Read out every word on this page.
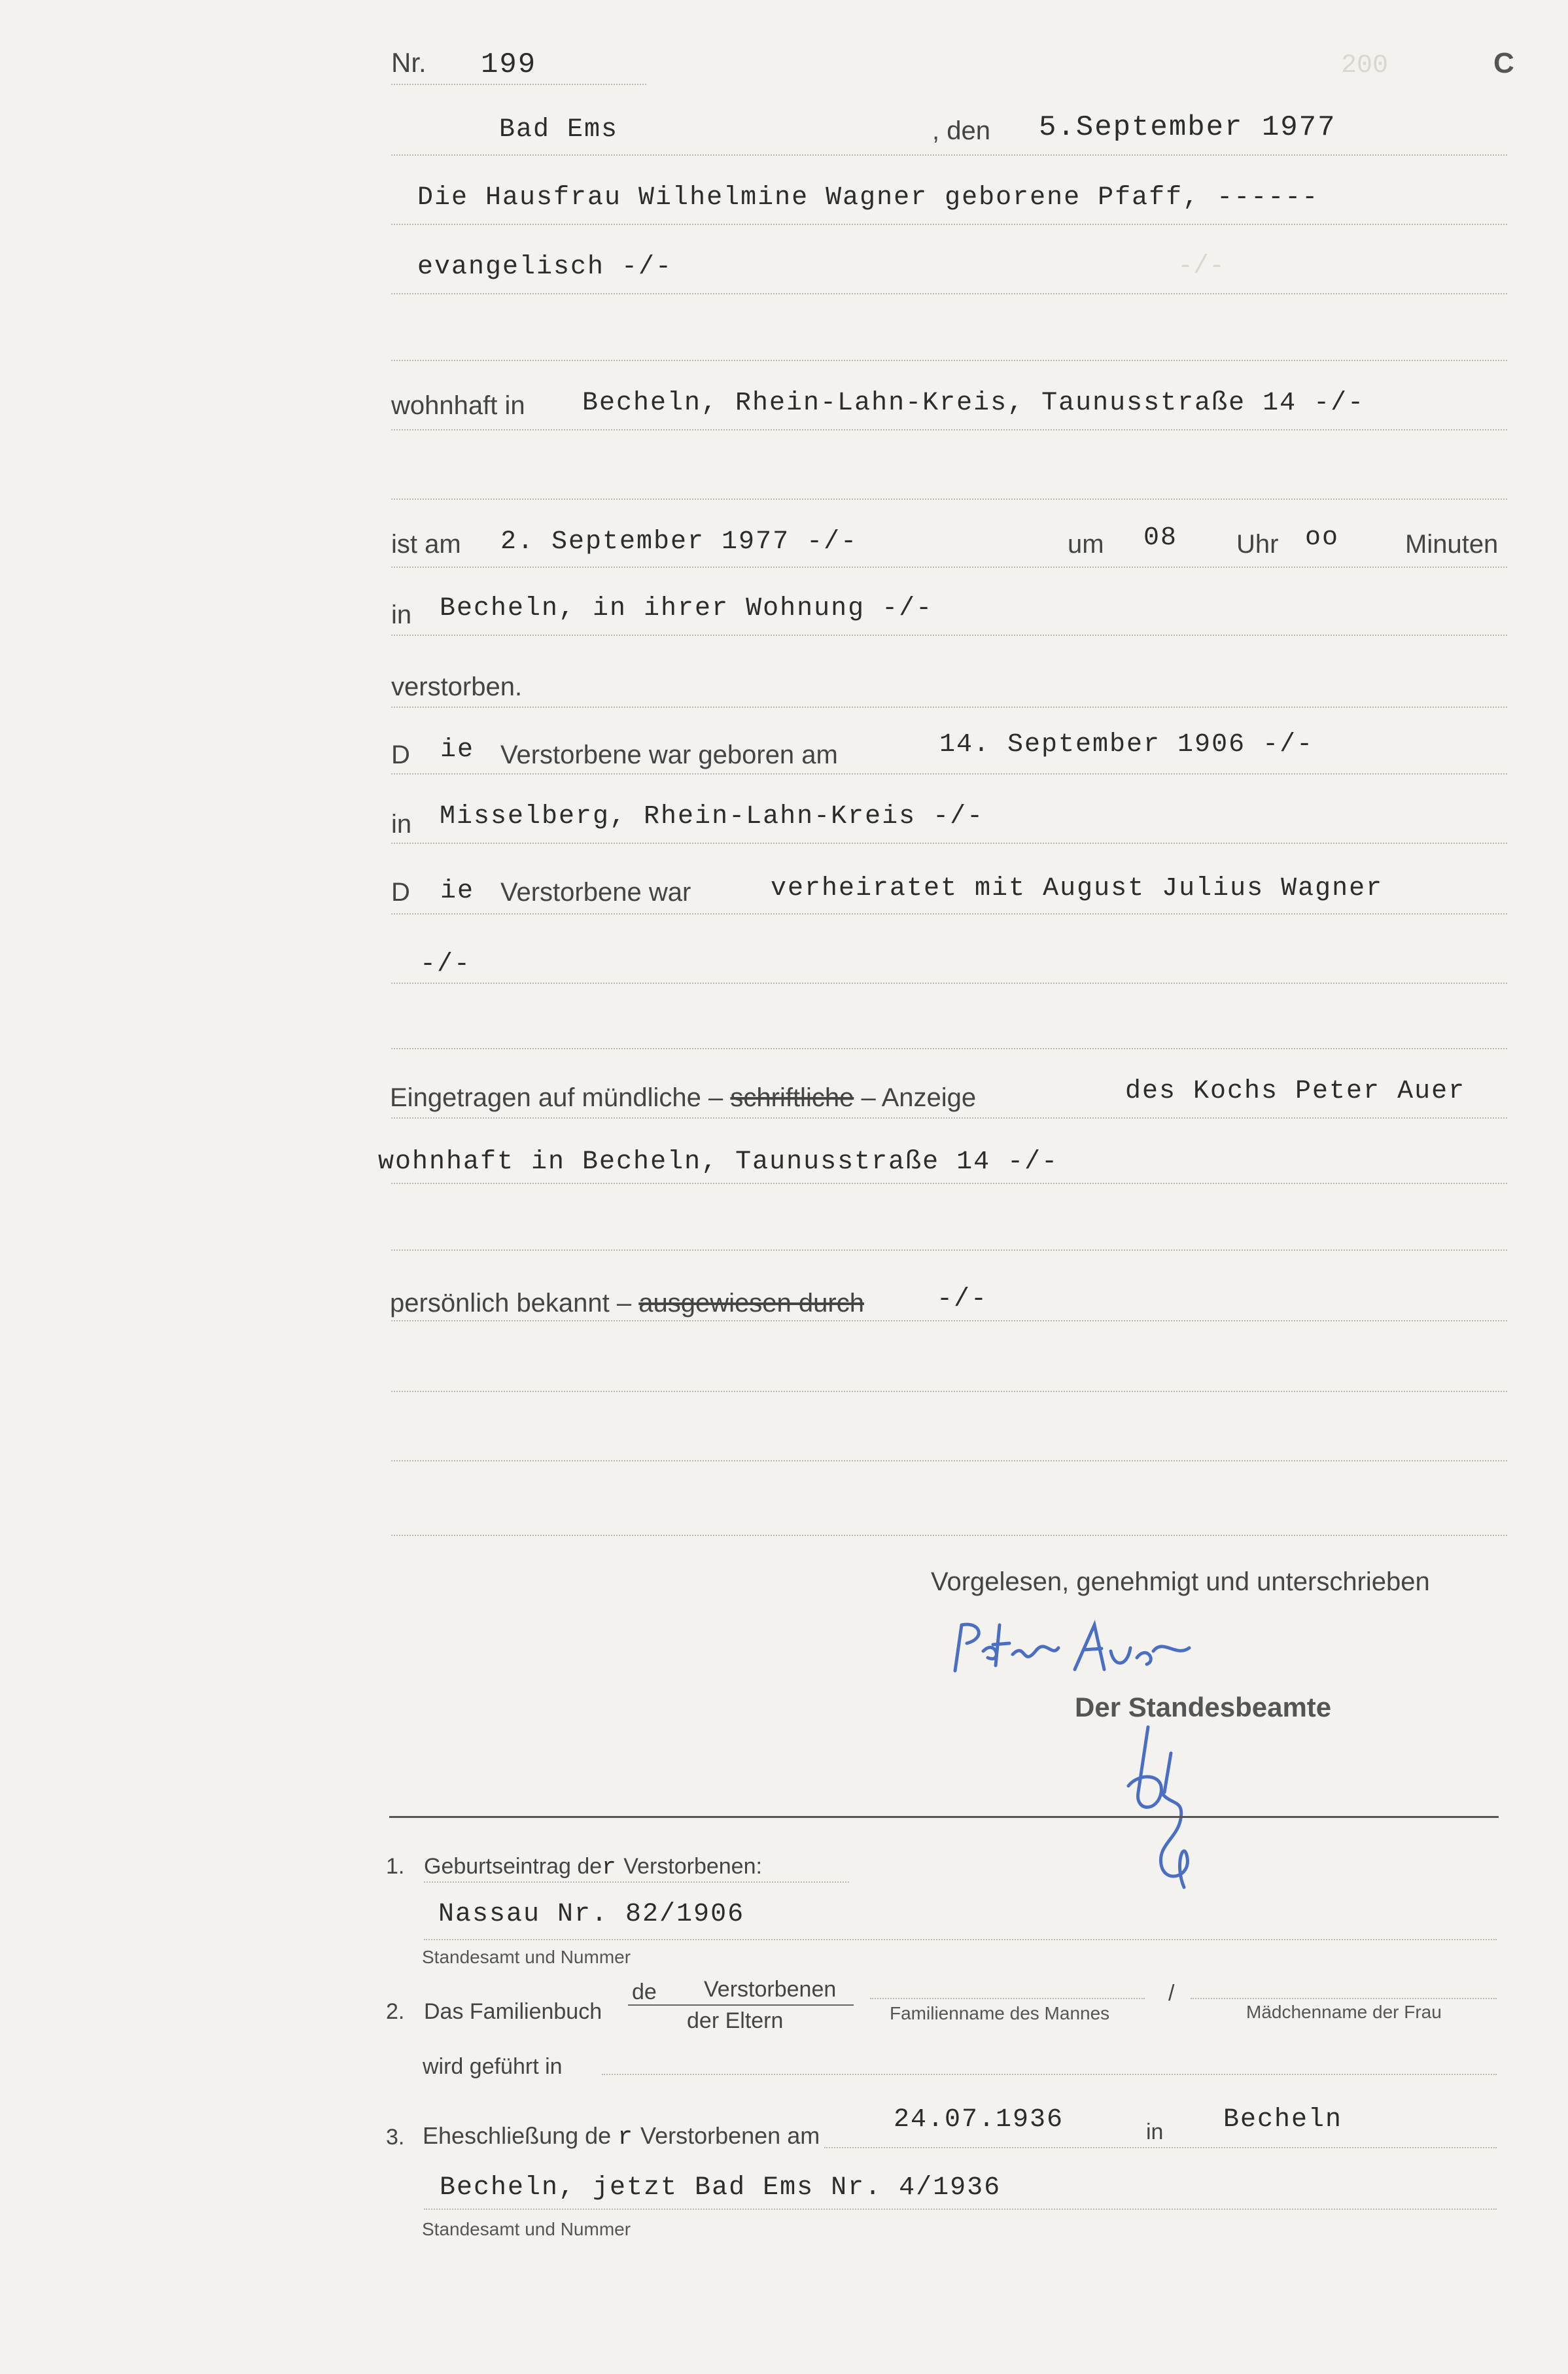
200
-/-
Nr. 199	C
Bad Ems	, den 5.September 1977
Die Hausfrau Wilhelmine Wagner geborene Pfaff, ------
evangelisch -/-
wohnhaft in Becheln, Rhein-Lahn-Kreis, Taunusstraße 14 -/-
ist am 2. September 1977 -/-	um 08 Uhr oo	Minuten
in Becheln, in ihrer Wohnung -/-
verstorben.
D ie Verstorbene war geboren am	14. September 1906 -/-
in Misselberg, Rhein-Lahn-Kreis -/-
D ie Verstorbene war	verheiratet mit August Julius Wagner
-/-
Eingetragen auf mündliche – schriftliche – Anzeige	des Kochs Peter Auer
wohnhaft in Becheln, Taunusstraße 14 -/-
persönlich bekannt – ausgewiesen durch	-/-
Vorgelesen, genehmigt und unterschrieben
Der Standesbeamte
1. Geburtseintrag der Verstorbenen:
Nassau Nr. 82/1906
Standesamt und Nummer
2. Das Familienbuch
de Verstorbenen
der Eltern
/
Familienname des Mannes	Mädchenname der Frau
wird geführt in
3. Eheschließung de r Verstorbenen am
24.07.1936	in Becheln
Becheln, jetzt Bad Ems Nr. 4/1936
Standesamt und Nummer
